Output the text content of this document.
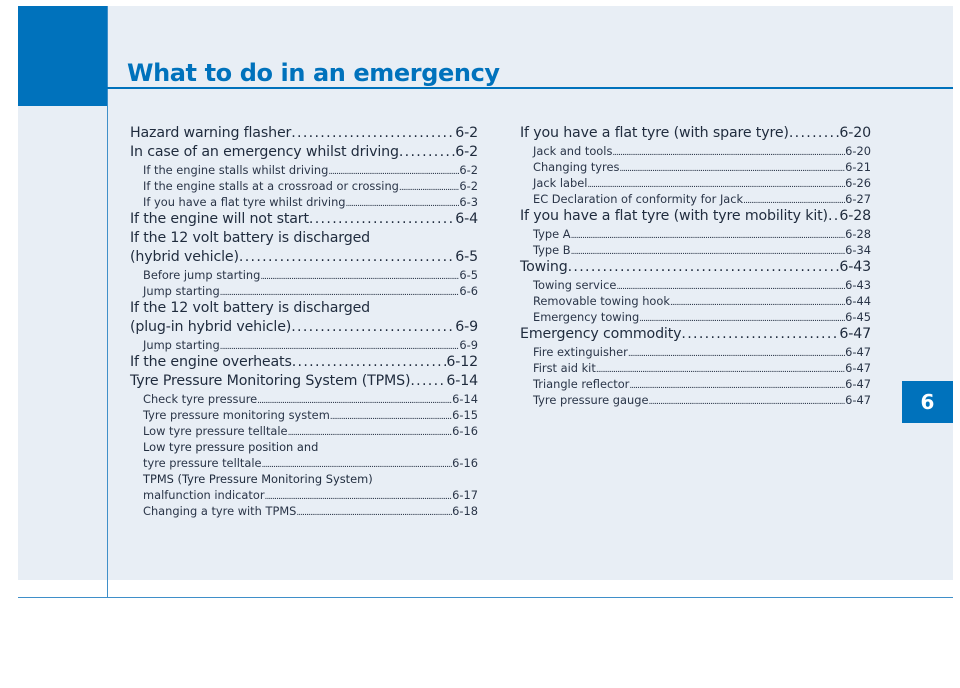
What to do in an emergency
6
Hazard warning flasher . . .	6-2
In case of an emergency whilst driving . . .	6-2
If the engine stalls whilst driving . . .	6-2
If the engine stalls at a crossroad or crossing . . .	6-2
If you have a flat tyre whilst driving . . .	6-3
If the engine will not start . . .	6-4
If the 12 volt battery is discharged
(hybrid vehicle) . . .	6-5
Before jump starting . . .	6-5
Jump starting . . .	6-6
If the 12 volt battery is discharged
(plug-in hybrid vehicle) . . .	6-9
Jump starting . . .	6-9
If the engine overheats . . .	6-12
Tyre Pressure Monitoring System (TPMS) . . .	6-14
Check tyre pressure . . .	6-14
Tyre pressure monitoring system . . .	6-15
Low tyre pressure telltale . . .	6-16
Low tyre pressure position and
tyre pressure telltale . . .	6-16
TPMS (Tyre Pressure Monitoring System)
malfunction indicator . . .	6-17
Changing a tyre with TPMS . . .	6-18
If you have a flat tyre (with spare tyre) . . .	6-20
Jack and tools . . .	6-20
Changing tyres . . .	6-21
Jack label . . .	6-26
EC Declaration of conformity for Jack . . .	6-27
If you have a flat tyre (with tyre mobility kit) . . . 6-28
Type A . . .	6-28
Type B . . .	6-34
Towing . . .	6-43
Towing service . . .	6-43
Removable towing hook . . .	6-44
Emergency towing . . .	6-45
Emergency commodity . . .	6-47
Fire extinguisher . . .	6-47
First aid kit . . .	6-47
Triangle reflector . . .	6-47
Tyre pressure gauge . . .	6-47
